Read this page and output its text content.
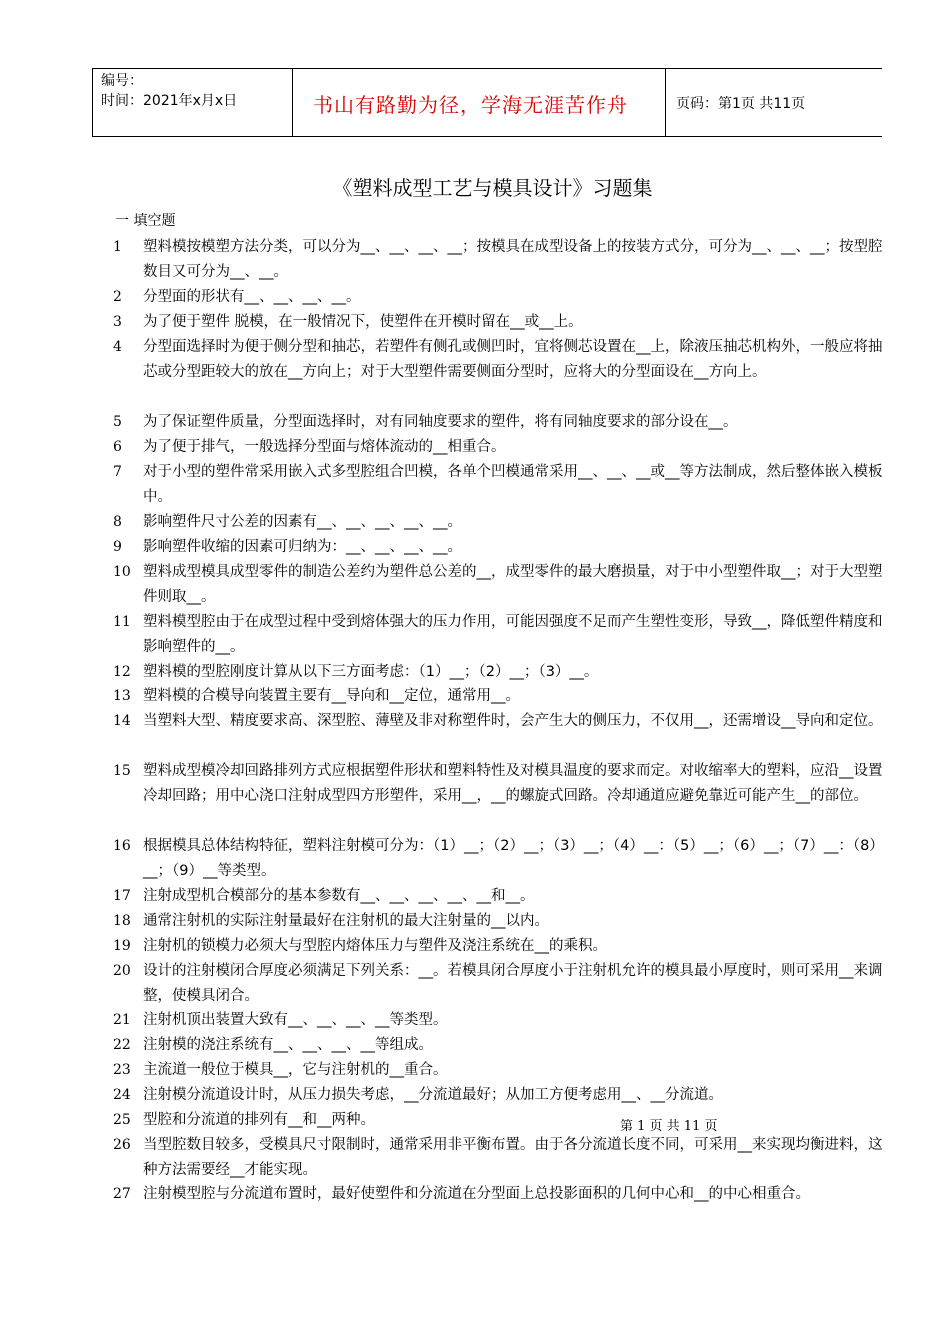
编号：
时间：2021年x月x日	书山有路勤为径，学海无涯苦作舟	页码：第1页 共11页
《塑料成型工艺与模具设计》习题集
一 填空题
1	塑料模按模塑方法分类，可以分为__、__、__、__；按模具在成型设备上的按装方式分，可分为__、__、__；按型腔数目又可分为__、__。
2	分型面的形状有__、__、__、__。
3	为了便于塑件 脱模，在一般情况下，使塑件在开模时留在__或__上。
4	分型面选择时为便于侧分型和抽芯，若塑件有侧孔或侧凹时，宜将侧芯设置在__上，除液压抽芯机构外，一般应将抽芯或分型距较大的放在__方向上；对于大型塑件需要侧面分型时，应将大的分型面设在__方向上。
5	为了保证塑件质量，分型面选择时，对有同轴度要求的塑件，将有同轴度要求的部分设在__。
6	为了便于排气，一般选择分型面与熔体流动的__相重合。
7	对于小型的塑件常采用嵌入式多型腔组合凹模，各单个凹模通常采用__、__、__或__等方法制成，然后整体嵌入模板中。
8	影响塑件尺寸公差的因素有__、__、__、__、__。
9	影响塑件收缩的因素可归纳为：__、__、__、__。
10 塑料成型模具成型零件的制造公差约为塑件总公差的__，成型零件的最大磨损量，对于中小型塑件取__；对于大型塑件则取__。
11 塑料模型腔由于在成型过程中受到熔体强大的压力作用，可能因强度不足而产生塑性变形，导致__，降低塑件精度和影响塑件的__。
12 塑料模的型腔刚度计算从以下三方面考虑：（1）__；（2）__；（3）__。
13 塑料模的合模导向装置主要有__导向和__定位，通常用__。
14 当塑料大型、精度要求高、深型腔、薄壁及非对称塑件时，会产生大的侧压力，不仅用__，还需增设__导向和定位。
15 塑料成型模冷却回路排列方式应根据塑件形状和塑料特性及对模具温度的要求而定。对收缩率大的塑料，应沿__设置冷却回路；用中心浇口注射成型四方形塑件，采用__，__的螺旋式回路。冷却通道应避免靠近可能产生__的部位。
16 根据模具总体结构特征，塑料注射模可分为：（1）__；（2）__；（3）__；（4）__：（5）__；（6）__；（7）__：（8）__；（9）__等类型。
17 注射成型机合模部分的基本参数有__、__、__、__、__和__。
18 通常注射机的实际注射量最好在注射机的最大注射量的__以内。
19 注射机的锁模力必须大与型腔内熔体压力与塑件及浇注系统在__的乘积。
20 设计的注射模闭合厚度必须满足下列关系：__。若模具闭合厚度小于注射机允许的模具最小厚度时，则可采用__来调整，使模具闭合。
21 注射机顶出装置大致有__、__、__、__等类型。
22 注射模的浇注系统有__、__、__、__等组成。
23 主流道一般位于模具__，它与注射机的__重合。
24 注射模分流道设计时，从压力损失考虑，__分流道最好；从加工方便考虑用__、__分流道。
25 型腔和分流道的排列有__和__两种。
26 当型腔数目较多，受模具尺寸限制时，通常采用非平衡布置。由于各分流道长度不同，可采用__来实现均衡进料，这种方法需要经__才能实现。
27 注射模型腔与分流道布置时，最好使塑件和分流道在分型面上总投影面积的几何中心和__的中心相重合。
第 1 页 共 11 页
